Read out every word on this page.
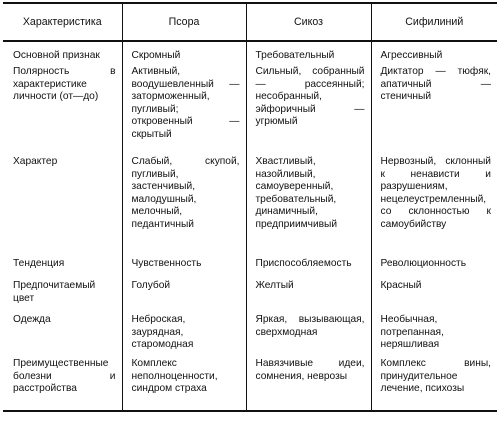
Характеристика	Псора	Сикоз	Сифилиний
Основной признак	Скромный	Требовательный	Агрессивный
Полярность в характеристике личности (от—до)	Активный, воодушевленный — заторможенный, пугливый; откровенный — скрытый	Сильный, собранный — рассеянный; несобранный, эйфоричный — угрюмый	Диктатор — тюфяк, апатичный — стеничный
Характер	Слабый, скупой, пугливый, застенчивый, малодушный, мелочный, педантичный	Хвастливый, назойливый, самоуверенный, требовательный, динамичный, предприимчивый	Нервозный, склонный к ненависти и разрушениям, нецелеустремленный, со склонностью к самоубийству
Тенденция	Чувственность	Приспособляемость	Революционность
Предпочитаемый цвет	Голубой	Желтый	Красный
Одежда	Неброская, заурядная, старомодная	Яркая, вызывающая, сверхмодная	Необычная, потрепанная, неряшливая
Преимущественные болезни и расстройства	Комплекс неполноценности, синдром страха	Навязчивые идеи, сомнения, неврозы	Комплекс вины, принудительное лечение, психозы
